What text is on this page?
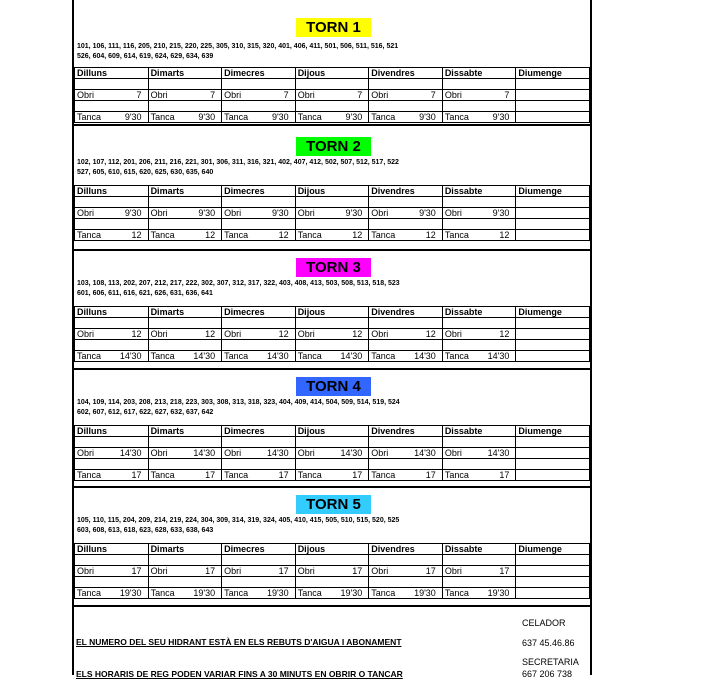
EL NUMERO DEL SEU HIDRANT ESTÀ EN ELS REBUTS D'AIGUA I ABONAMENT
ELS HORARIS DE REG PODEN VARIAR FINS A 30 MINUTS EN OBRIR O TANCAR
CELADOR
637 45.46.86
SECRETARIA
667 206 738
TORN 1
101, 106, 111, 116, 205, 210, 215, 220, 225, 305, 310, 315, 320, 401, 406, 411, 501, 506, 511, 516, 521
526, 604, 609, 614, 619, 624, 629, 634, 639
Dilluns	Dimarts	Dimecres	Dijous	Divendres	Dissabte	Diumenge

Obri 7	Obri 7	Obri 7	Obri 7	Obri 7	Obri 7	

Tanca 9'30	Tanca 9'30	Tanca 9'30	Tanca 9'30	Tanca 9'30	Tanca 9'30	

TORN 2
102, 107, 112, 201, 206, 211, 216, 221, 301, 306, 311, 316, 321, 402, 407, 412, 502, 507, 512, 517, 522
527, 605, 610, 615, 620, 625, 630, 635, 640
Dilluns	Dimarts	Dimecres	Dijous	Divendres	Dissabte	Diumenge

Obri 9'30	Obri 9'30	Obri 9'30	Obri 9'30	Obri 9'30	Obri 9'30	

Tanca 12	Tanca 12	Tanca 12	Tanca 12	Tanca 12	Tanca 12	

TORN 3
103, 108, 113, 202, 207, 212, 217, 222, 302, 307, 312, 317, 322, 403, 408, 413, 503, 508, 513, 518, 523
601, 606, 611, 616, 621, 626, 631, 636, 641
Dilluns	Dimarts	Dimecres	Dijous	Divendres	Dissabte	Diumenge

Obri 12	Obri 12	Obri 12	Obri 12	Obri 12	Obri 12	

Tanca 14'30	Tanca 14'30	Tanca 14'30	Tanca 14'30	Tanca 14'30	Tanca 14'30	

TORN 4
104, 109, 114, 203, 208, 213, 218, 223, 303, 308, 313, 318, 323, 404, 409, 414, 504, 509, 514, 519, 524
602, 607, 612, 617, 622, 627, 632, 637, 642
Dilluns	Dimarts	Dimecres	Dijous	Divendres	Dissabte	Diumenge

Obri 14'30	Obri 14'30	Obri 14'30	Obri 14'30	Obri 14'30	Obri 14'30	

Tanca 17	Tanca 17	Tanca 17	Tanca 17	Tanca 17	Tanca 17	

TORN 5
105, 110, 115, 204, 209, 214, 219, 224, 304, 309, 314, 319, 324, 405, 410, 415, 505, 510, 515, 520, 525
603, 608, 613, 618, 623, 628, 633, 638, 643
Dilluns	Dimarts	Dimecres	Dijous	Divendres	Dissabte	Diumenge

Obri 17	Obri 17	Obri 17	Obri 17	Obri 17	Obri 17	

Tanca 19'30	Tanca 19'30	Tanca 19'30	Tanca 19'30	Tanca 19'30	Tanca 19'30	
